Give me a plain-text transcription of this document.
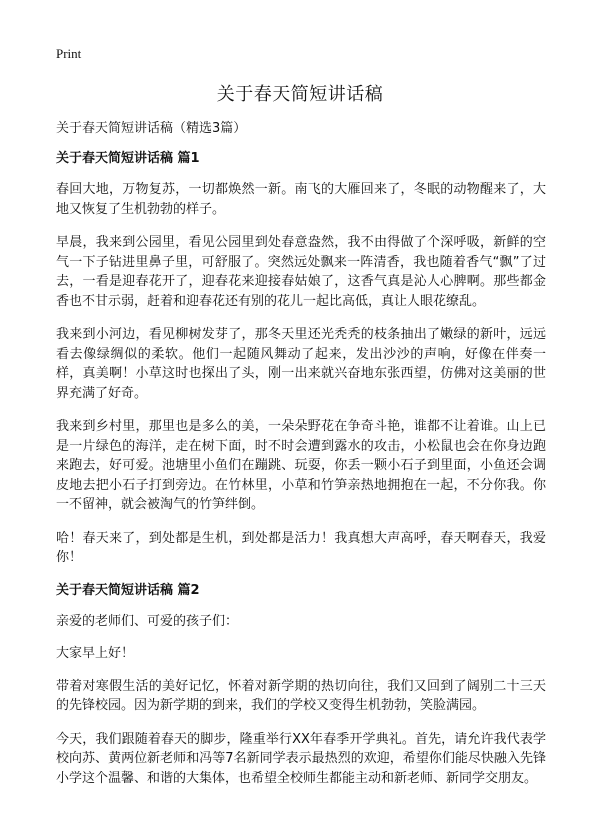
Print
关于春天简短讲话稿

关于春天简短讲话稿（精选3篇）

关于春天简短讲话稿 篇1

春回大地，万物复苏，一切都焕然一新。南飞的大雁回来了，冬眠的动物醒来了，大地又恢复了生机勃勃的样子。

早晨，我来到公园里，看见公园里到处春意盎然，我不由得做了个深呼吸，新鲜的空气一下子钻进里鼻子里，可舒服了。突然远处飘来一阵清香，我也随着香气“飘”了过去，一看是迎春花开了，迎春花来迎接春姑娘了，这香气真是沁人心脾啊。那些都金香也不甘示弱，赶着和迎春花还有别的花儿一起比高低，真让人眼花缭乱。

我来到小河边，看见柳树发芽了，那冬天里还光秃秃的枝条抽出了嫩绿的新叶，远远看去像绿绸似的柔软。他们一起随风舞动了起来，发出沙沙的声响，好像在伴奏一样，真美啊！小草这时也探出了头，刚一出来就兴奋地东张西望，仿佛对这美丽的世界充满了好奇。

我来到乡村里，那里也是多么的美，一朵朵野花在争奇斗艳，谁都不让着谁。山上已是一片绿色的海洋，走在树下面，时不时会遭到露水的攻击，小松鼠也会在你身边跑来跑去，好可爱。池塘里小鱼们在蹦跳、玩耍，你丢一颗小石子到里面，小鱼还会调皮地去把小石子打到旁边。在竹林里，小草和竹笋亲热地拥抱在一起，不分你我。你一不留神，就会被淘气的竹笋绊倒。

哈！春天来了，到处都是生机，到处都是活力！我真想大声高呼，春天啊春天，我爱你！

关于春天简短讲话稿 篇2

亲爱的老师们、可爱的孩子们：

大家早上好！

带着对寒假生活的美好记忆，怀着对新学期的热切向往，我们又回到了阔别二十三天的先锋校园。因为新学期的到来，我们的学校又变得生机勃勃，笑脸满园。

今天，我们跟随着春天的脚步，隆重举行XX年春季开学典礼。首先，请允许我代表学校向苏、黄两位新老师和冯等7名新同学表示最热烈的欢迎，希望你们能尽快融入先锋小学这个温馨、和谐的大集体，也希望全校师生都能主动和新老师、新同学交朋友。
